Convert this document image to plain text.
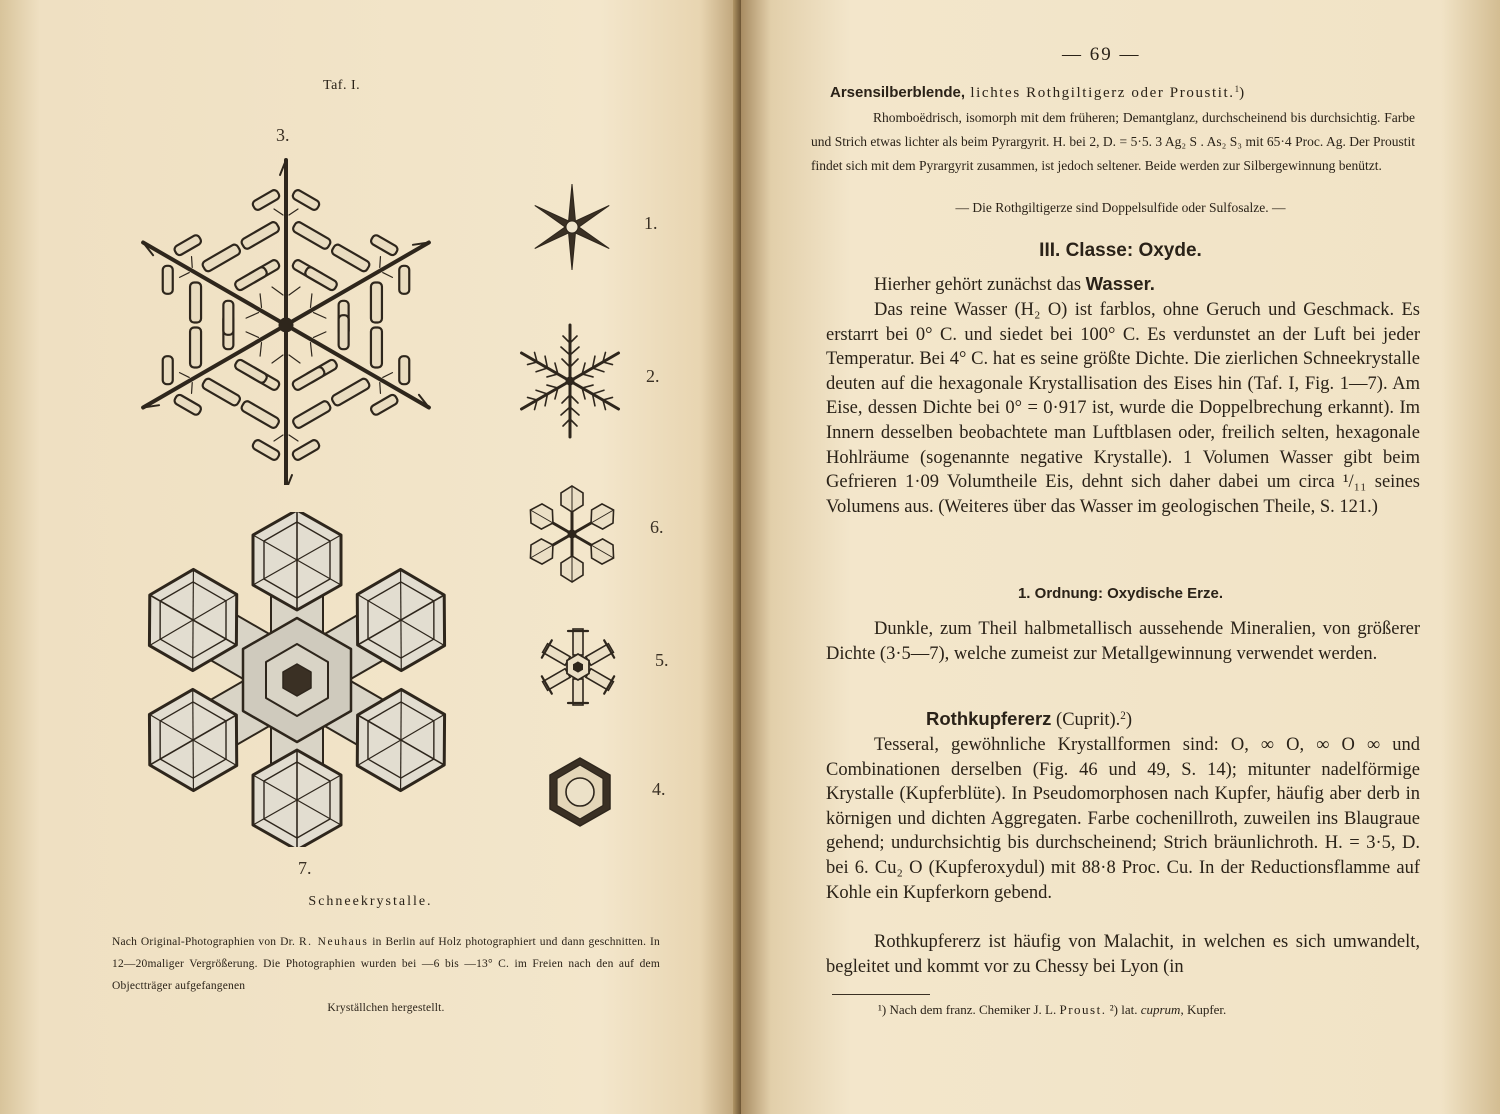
Taf. I.
3.
1.
2.
6.
5.
4.
7.
Schneekrystalle.
Nach Original-Photographien von Dr. R. Neuhaus in Berlin auf Holz photographiert und dann geschnitten. In 12—20maliger Vergrößerung. Die Photographien wurden bei —6 bis —13° C. im Freien nach den auf dem Objectträger aufgefangenen
Kryställchen hergestellt.
— 69 —
Arsensilberblende, lichtes Rothgiltigerz oder Proustit.$^1$)
Rhomboëdrisch, isomorph mit dem früheren; Demantglanz, durchscheinend bis durchsichtig. Farbe und Strich etwas lichter als beim Pyrargyrit. H. bei 2, D. = 5·5. 3 Ag₂ S . As₂ S₃ mit 65·4 Proc. Ag. Der Proustit findet sich mit dem Pyrargyrit zusammen, ist jedoch seltener. Beide werden zur Silbergewinnung benützt.
— Die Rothgiltigerze sind Doppelsulfide oder Sulfosalze. —
III. Classe: Oxyde.
Hierher gehört zunächst das Wasser.
Das reine Wasser (H₂ O) ist farblos, ohne Geruch und Geschmack. Es erstarrt bei 0° C. und siedet bei 100° C. Es verdunstet an der Luft bei jeder Temperatur. Bei 4° C. hat es seine größte Dichte. Die zierlichen Schneekrystalle deuten auf die hexagonale Krystallisation des Eises hin (Taf. I, Fig. 1—7). Am Eise, dessen Dichte bei 0° = 0·917 ist, wurde die Doppelbrechung erkannt). Im Innern desselben beobachtete man Luftblasen oder, freilich selten, hexagonale Hohlräume (sogenannte negative Krystalle). 1 Volumen Wasser gibt beim Gefrieren 1·09 Volumtheile Eis, dehnt sich daher dabei um circa ¹/₁₁ seines Volumens aus. (Weiteres über das Wasser im geologischen Theile, S. 121.)
1. Ordnung: Oxydische Erze.
Dunkle, zum Theil halbmetallisch aussehende Mineralien, von größerer Dichte (3·5—7), welche zumeist zur Metallgewinnung verwendet werden.
Rothkupfererz (Cuprit).$^2$)
Tesseral, gewöhnliche Krystallformen sind: O, ∞ O, ∞ O ∞ und Combinationen derselben (Fig. 46 und 49, S. 14); mitunter nadelförmige Krystalle (Kupferblüte). In Pseudomorphosen nach Kupfer, häufig aber derb in körnigen und dichten Aggregaten. Farbe cochenillroth, zuweilen ins Blaugraue gehend; undurchsichtig bis durchscheinend; Strich bräunlichroth. H. = 3·5, D. bei 6. Cu₂ O (Kupferoxydul) mit 88·8 Proc. Cu. In der Reductionsflamme auf Kohle ein Kupferkorn gebend.
Rothkupfererz ist häufig von Malachit, in welchen es sich umwandelt, begleitet und kommt vor zu Chessy bei Lyon (in
¹) Nach dem franz. Chemiker J. L. Proust. ²) lat. cuprum, Kupfer.
